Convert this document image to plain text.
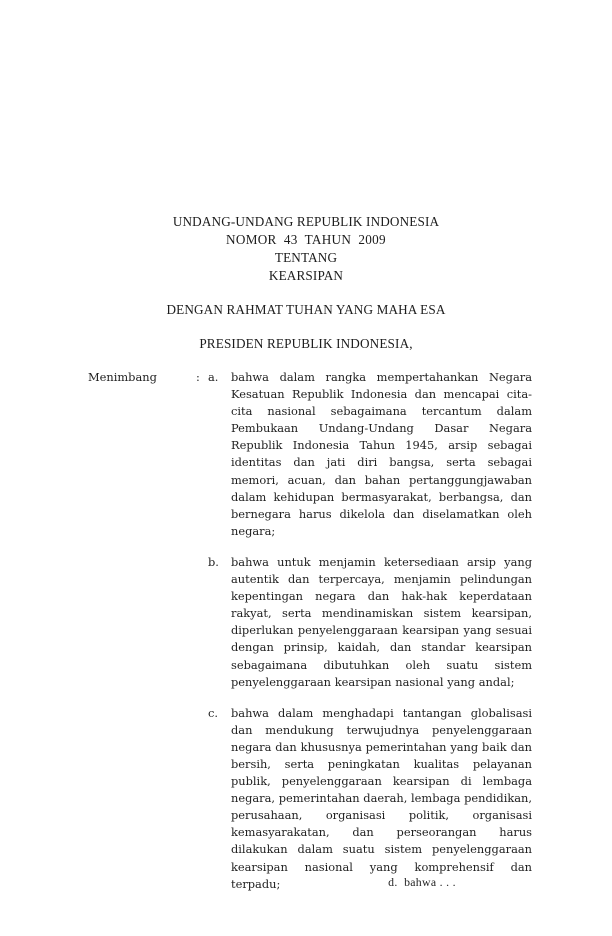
UNDANG-UNDANG REPUBLIK INDONESIA
NOMOR  43  TAHUN  2009
TENTANG
KEARSIPAN
DENGAN RAHMAT TUHAN YANG MAHA ESA
PRESIDEN REPUBLIK INDONESIA,
Menimbang	: a.	bahwa dalam rangka mempertahankan Negara Kesatuan Republik Indonesia dan mencapai cita-cita nasional sebagaimana tercantum dalam Pembukaan Undang-Undang Dasar Negara Republik Indonesia Tahun 1945, arsip sebagai identitas dan jati diri bangsa, serta sebagai memori, acuan, dan bahan pertanggungjawaban dalam kehidupan bermasyarakat, berbangsa, dan bernegara harus dikelola dan diselamatkan oleh negara;
b.	bahwa untuk menjamin ketersediaan arsip yang autentik dan terpercaya, menjamin pelindungan kepentingan negara dan hak-hak keperdataan rakyat, serta mendinamiskan sistem kearsipan, diperlukan penyelenggaraan kearsipan yang sesuai dengan prinsip, kaidah, dan standar kearsipan sebagaimana dibutuhkan oleh suatu sistem penyelenggaraan kearsipan nasional yang andal;
c.	bahwa dalam menghadapi tantangan globalisasi dan mendukung terwujudnya penyelenggaraan negara dan khususnya pemerintahan yang baik dan bersih, serta peningkatan kualitas pelayanan publik, penyelenggaraan kearsipan di lembaga negara, pemerintahan daerah, lembaga pendidikan, perusahaan, organisasi politik, organisasi kemasyarakatan, dan perseorangan harus dilakukan dalam suatu sistem penyelenggaraan kearsipan nasional yang komprehensif dan terpadu;	d.  bahwa . . .
